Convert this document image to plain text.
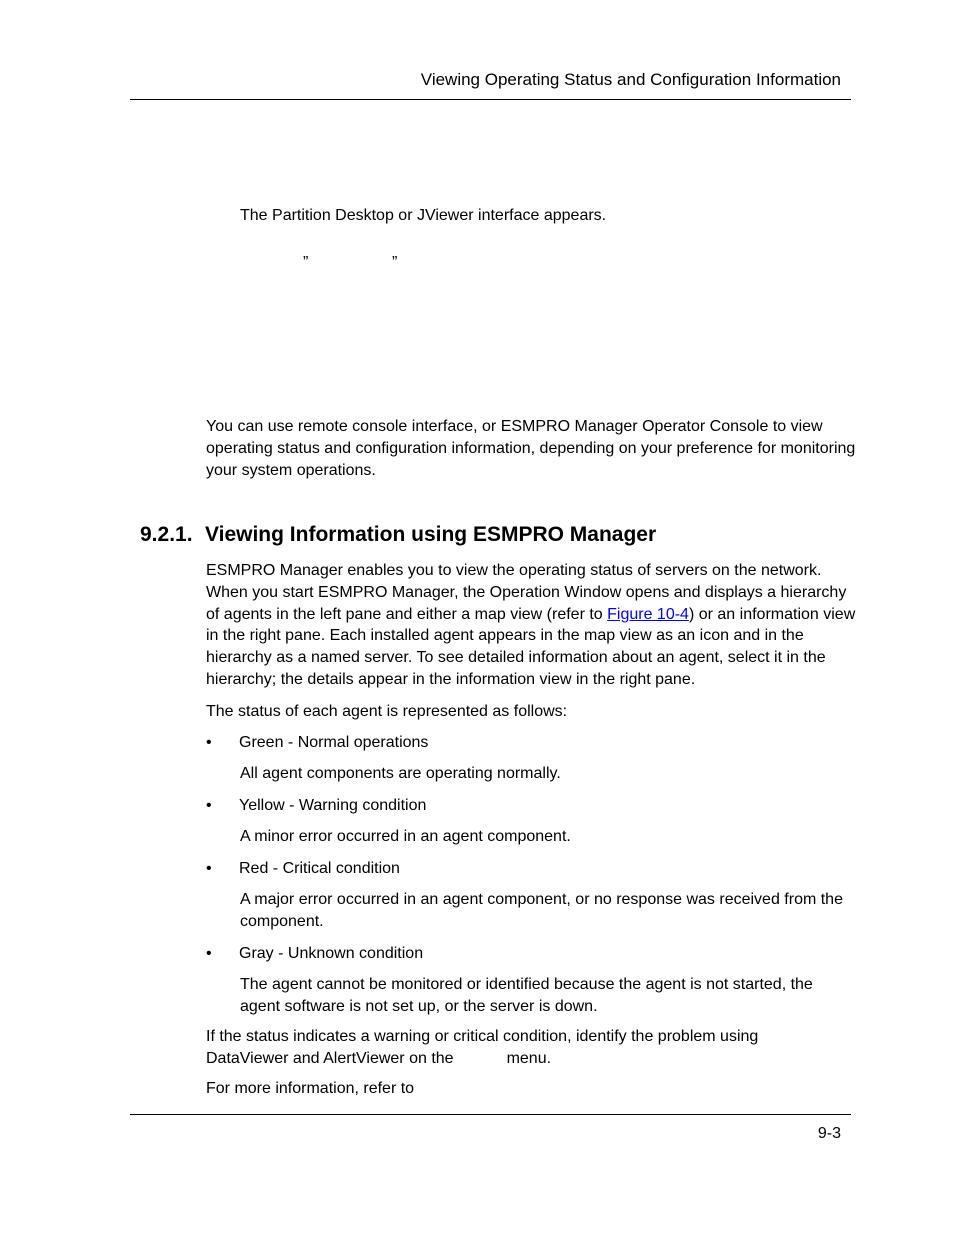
Viewing Operating Status and Configuration Information

The Partition Desktop or JViewer interface appears.

”	”

You can use remote console interface, or ESMPRO Manager Operator Console to view operating status and configuration information, depending on your preference for monitoring your system operations.

9.2.1. Viewing Information using ESMPRO Manager

ESMPRO Manager enables you to view the operating status of servers on the network. When you start ESMPRO Manager, the Operation Window opens and displays a hierarchy of agents in the left pane and either a map view (refer to Figure 10-4) or an information view in the right pane. Each installed agent appears in the map view as an icon and in the hierarchy as a named server. To see detailed information about an agent, select it in the hierarchy; the details appear in the information view in the right pane.

The status of each agent is represented as follows:

• Green - Normal operations

All agent components are operating normally.

• Yellow - Warning condition

A minor error occurred in an agent component.

• Red - Critical condition

A major error occurred in an agent component, or no response was received from the component.

• Gray - Unknown condition

The agent cannot be monitored or identified because the agent is not started, the agent software is not set up, or the server is down.

If the status indicates a warning or critical condition, identify the problem using
DataViewer and AlertViewer on the	menu.

For more information, refer to

9-3
